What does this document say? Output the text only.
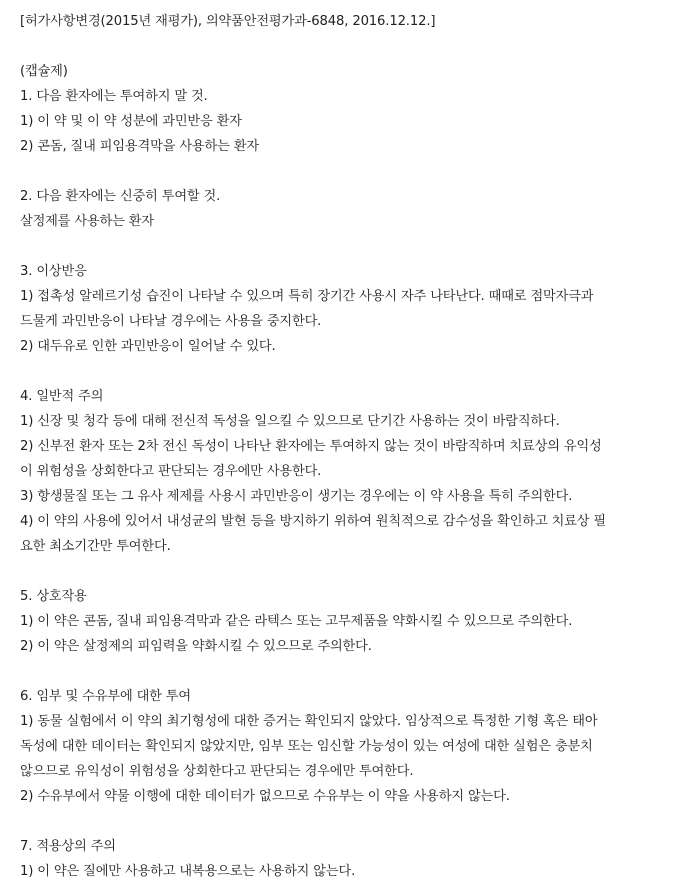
[허가사항변경(2015년 재평가), 의약품안전평가과-6848, 2016.12.12.]
(캡슐제)
1. 다음 환자에는 투여하지 말 것.
1) 이 약 및 이 약 성분에 과민반응 환자
2) 콘돔, 질내 피임용격막을 사용하는 환자
2. 다음 환자에는 신중히 투여할 것.
살정제를 사용하는 환자
3. 이상반응
1) 접촉성 알레르기성 습진이 나타날 수 있으며 특히 장기간 사용시 자주 나타난다. 때때로 점막자극과
드물게 과민반응이 나타날 경우에는 사용을 중지한다.
2) 대두유로 인한 과민반응이 일어날 수 있다.
4. 일반적 주의
1) 신장 및 청각 등에 대해 전신적 독성을 일으킬 수 있으므로 단기간 사용하는 것이 바람직하다.
2) 신부전 환자 또는 2차 전신 독성이 나타난 환자에는 투여하지 않는 것이 바람직하며 치료상의 유익성
이 위험성을 상회한다고 판단되는 경우에만 사용한다.
3) 항생물질 또는 그 유사 제제를 사용시 과민반응이 생기는 경우에는 이 약 사용을 특히 주의한다.
4) 이 약의 사용에 있어서 내성균의 발현 등을 방지하기 위하여 원칙적으로 감수성을 확인하고 치료상 필
요한 최소기간만 투여한다.
5. 상호작용
1) 이 약은 콘돔, 질내 피임용격막과 같은 라텍스 또는 고무제품을 약화시킬 수 있으므로 주의한다.
2) 이 약은 살정제의 피임력을 약화시킬 수 있으므로 주의한다.
6. 임부 및 수유부에 대한 투여
1) 동물 실험에서 이 약의 최기형성에 대한 증거는 확인되지 않았다. 임상적으로 특정한 기형 혹은 태아
독성에 대한 데이터는 확인되지 않았지만, 임부 또는 임신할 가능성이 있는 여성에 대한 실험은 충분치
않으므로 유익성이 위험성을 상회한다고 판단되는 경우에만 투여한다.
2) 수유부에서 약물 이행에 대한 데이터가 없으므로 수유부는 이 약을 사용하지 않는다.
7. 적용상의 주의
1) 이 약은 질에만 사용하고 내복용으로는 사용하지 않는다.
